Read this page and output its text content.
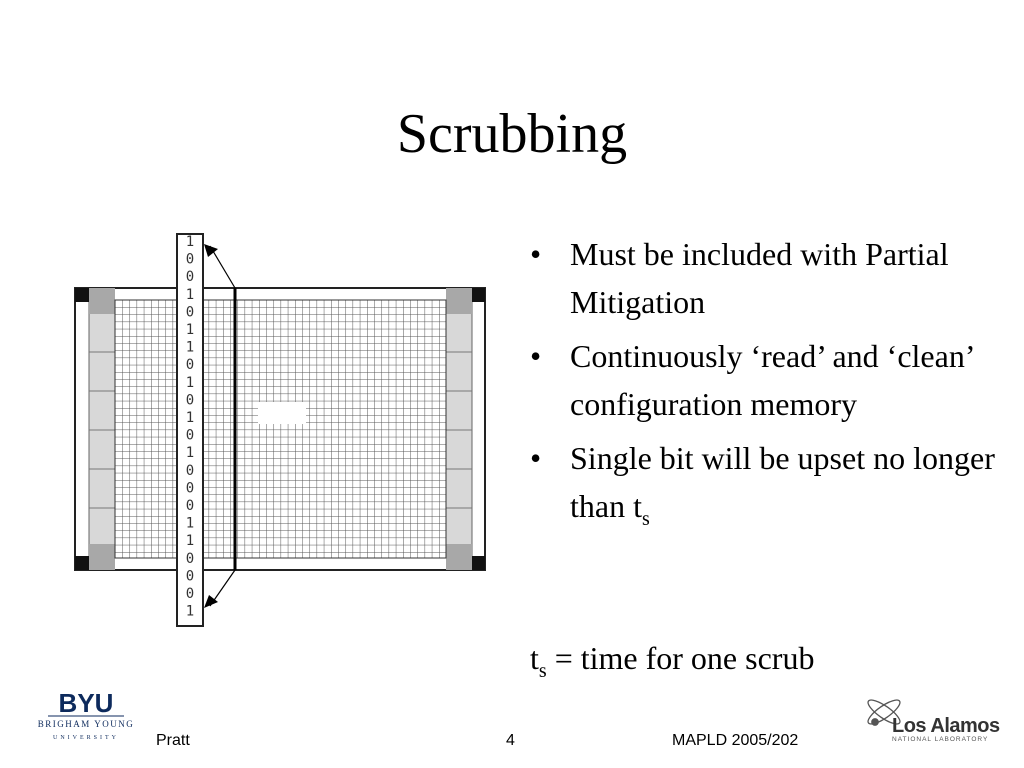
Scrubbing
1
0
0
1
0
1
1
0
1
0
1
0
1
0
0
0
1
1
0
0
0
1
• Must be included with Partial Mitigation
• Continuously ‘read’ and ‘clean’ configuration memory
• Single bit will be upset no longer than $t_s$
$t_s$ = time for one scrub
BYU
BRIGHAM YOUNG
UNIVERSITY
Los Alamos
NATIONAL LABORATORY
Pratt	4	MAPLD 2005/202
